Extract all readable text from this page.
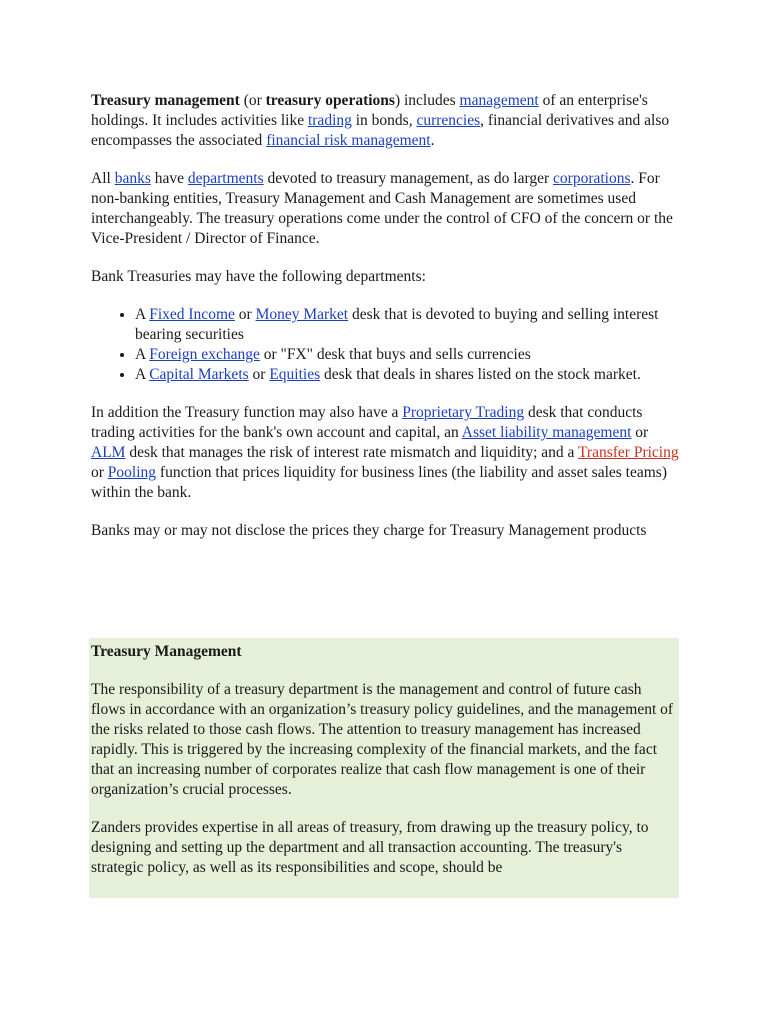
Treasury management (or treasury operations) includes management of an enterprise's holdings. It includes activities like trading in bonds, currencies, financial derivatives and also encompasses the associated financial risk management.

All banks have departments devoted to treasury management, as do larger corporations. For non-banking entities, Treasury Management and Cash Management are sometimes used interchangeably. The treasury operations come under the control of CFO of the concern or the Vice-President / Director of Finance.

Bank Treasuries may have the following departments:

• A Fixed Income or Money Market desk that is devoted to buying and selling interest bearing securities
• A Foreign exchange or "FX" desk that buys and sells currencies
• A Capital Markets or Equities desk that deals in shares listed on the stock market.

In addition the Treasury function may also have a Proprietary Trading desk that conducts trading activities for the bank's own account and capital, an Asset liability management or ALM desk that manages the risk of interest rate mismatch and liquidity; and a Transfer Pricing or Pooling function that prices liquidity for business lines (the liability and asset sales teams) within the bank.

Banks may or may not disclose the prices they charge for Treasury Management products

Treasury Management

The responsibility of a treasury department is the management and control of future cash flows in accordance with an organization’s treasury policy guidelines, and the management of the risks related to those cash flows. The attention to treasury management has increased rapidly. This is triggered by the increasing complexity of the financial markets, and the fact that an increasing number of corporates realize that cash flow management is one of their organization’s crucial processes.

Zanders provides expertise in all areas of treasury, from drawing up the treasury policy, to designing and setting up the department and all transaction accounting. The treasury's strategic policy, as well as its responsibilities and scope, should be
